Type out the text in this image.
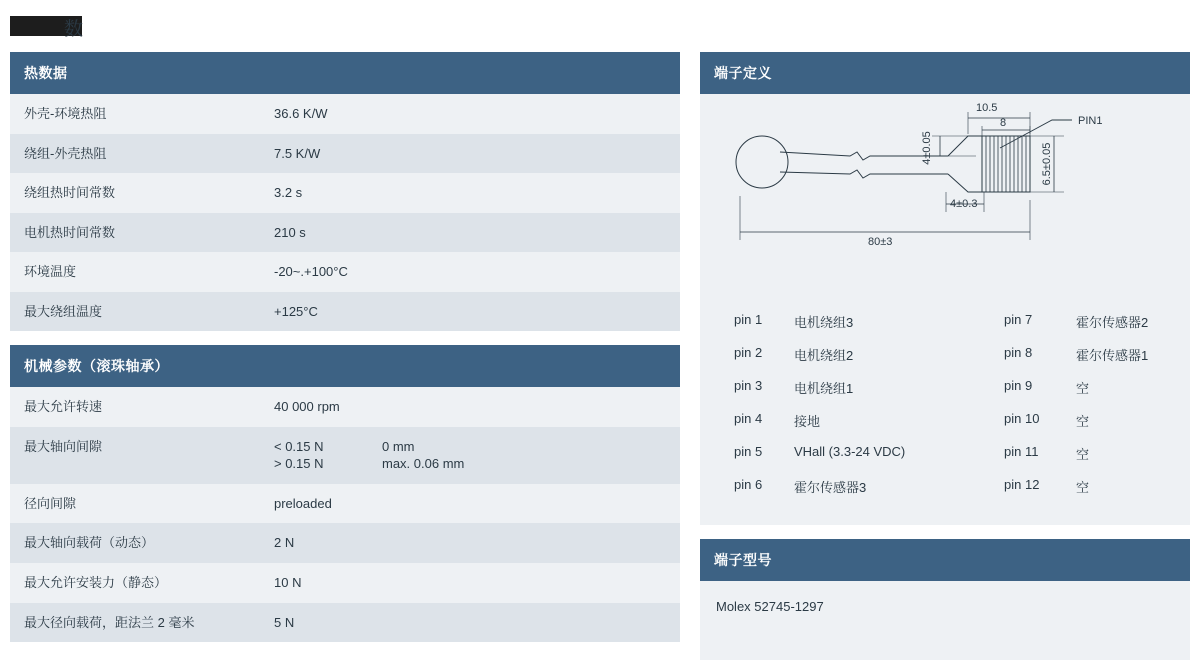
数
热数据
外壳-环境热阻	36.6 K/W
绕组-外壳热阻	7.5 K/W
绕组热时间常数	3.2 s
电机热时间常数	210 s
环境温度	-20~.+100°C
最大绕组温度	+125°C
机械参数（滚珠轴承）
最大允许转速	40 000 rpm
最大轴向间隙	< 0.15 N 0 mm
> 0.15 N max. 0.06 mm
径向间隙	preloaded
最大轴向载荷（动态）	2 N
最大允许安装力（静态）	10 N
最大径向载荷，距法兰 2 毫米	5 N
端子定义
10.5
8	PIN1
4±0.3
80±3
4±0.05	6.5±0.05
pin 1	电机绕组3	pin 7	霍尔传感器2
pin 2	电机绕组2	pin 8	霍尔传感器1
pin 3	电机绕组1	pin 9	空
pin 4	接地	pin 10	空
pin 5	VHall (3.3-24 VDC)	pin 11	空
pin 6	霍尔传感器3	pin 12	空
端子型号
Molex 52745-1297
